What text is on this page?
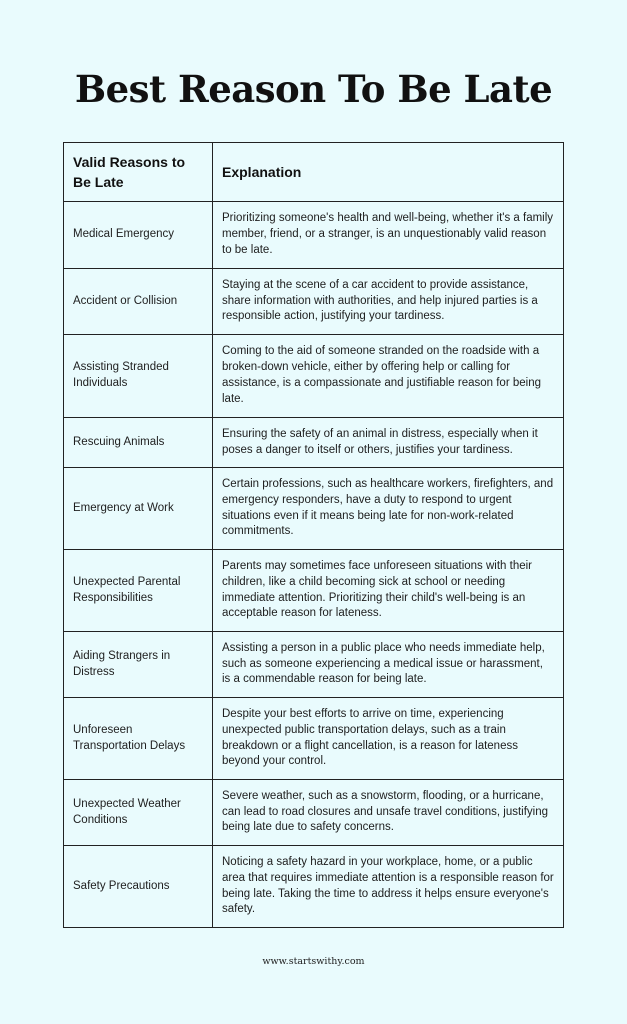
Best Reason To Be Late
Valid Reasons to Be Late	Explanation
Medical Emergency	Prioritizing someone's health and well-being, whether it's a family member, friend, or a stranger, is an unquestionably valid reason to be late.
Accident or Collision	Staying at the scene of a car accident to provide assistance, share information with authorities, and help injured parties is a responsible action, justifying your tardiness.
Assisting Stranded Individuals	Coming to the aid of someone stranded on the roadside with a broken-down vehicle, either by offering help or calling for assistance, is a compassionate and justifiable reason for being late.
Rescuing Animals	Ensuring the safety of an animal in distress, especially when it poses a danger to itself or others, justifies your tardiness.
Emergency at Work	Certain professions, such as healthcare workers, firefighters, and emergency responders, have a duty to respond to urgent situations even if it means being late for non-work-related commitments.
Unexpected Parental Responsibilities	Parents may sometimes face unforeseen situations with their children, like a child becoming sick at school or needing immediate attention. Prioritizing their child's well-being is an acceptable reason for lateness.
Aiding Strangers in Distress	Assisting a person in a public place who needs immediate help, such as someone experiencing a medical issue or harassment, is a commendable reason for being late.
Unforeseen Transportation Delays	Despite your best efforts to arrive on time, experiencing unexpected public transportation delays, such as a train breakdown or a flight cancellation, is a reason for lateness beyond your control.
Unexpected Weather Conditions	Severe weather, such as a snowstorm, flooding, or a hurricane, can lead to road closures and unsafe travel conditions, justifying being late due to safety concerns.
Safety Precautions	Noticing a safety hazard in your workplace, home, or a public area that requires immediate attention is a responsible reason for being late. Taking the time to address it helps ensure everyone's safety.
www.startswithy.com
